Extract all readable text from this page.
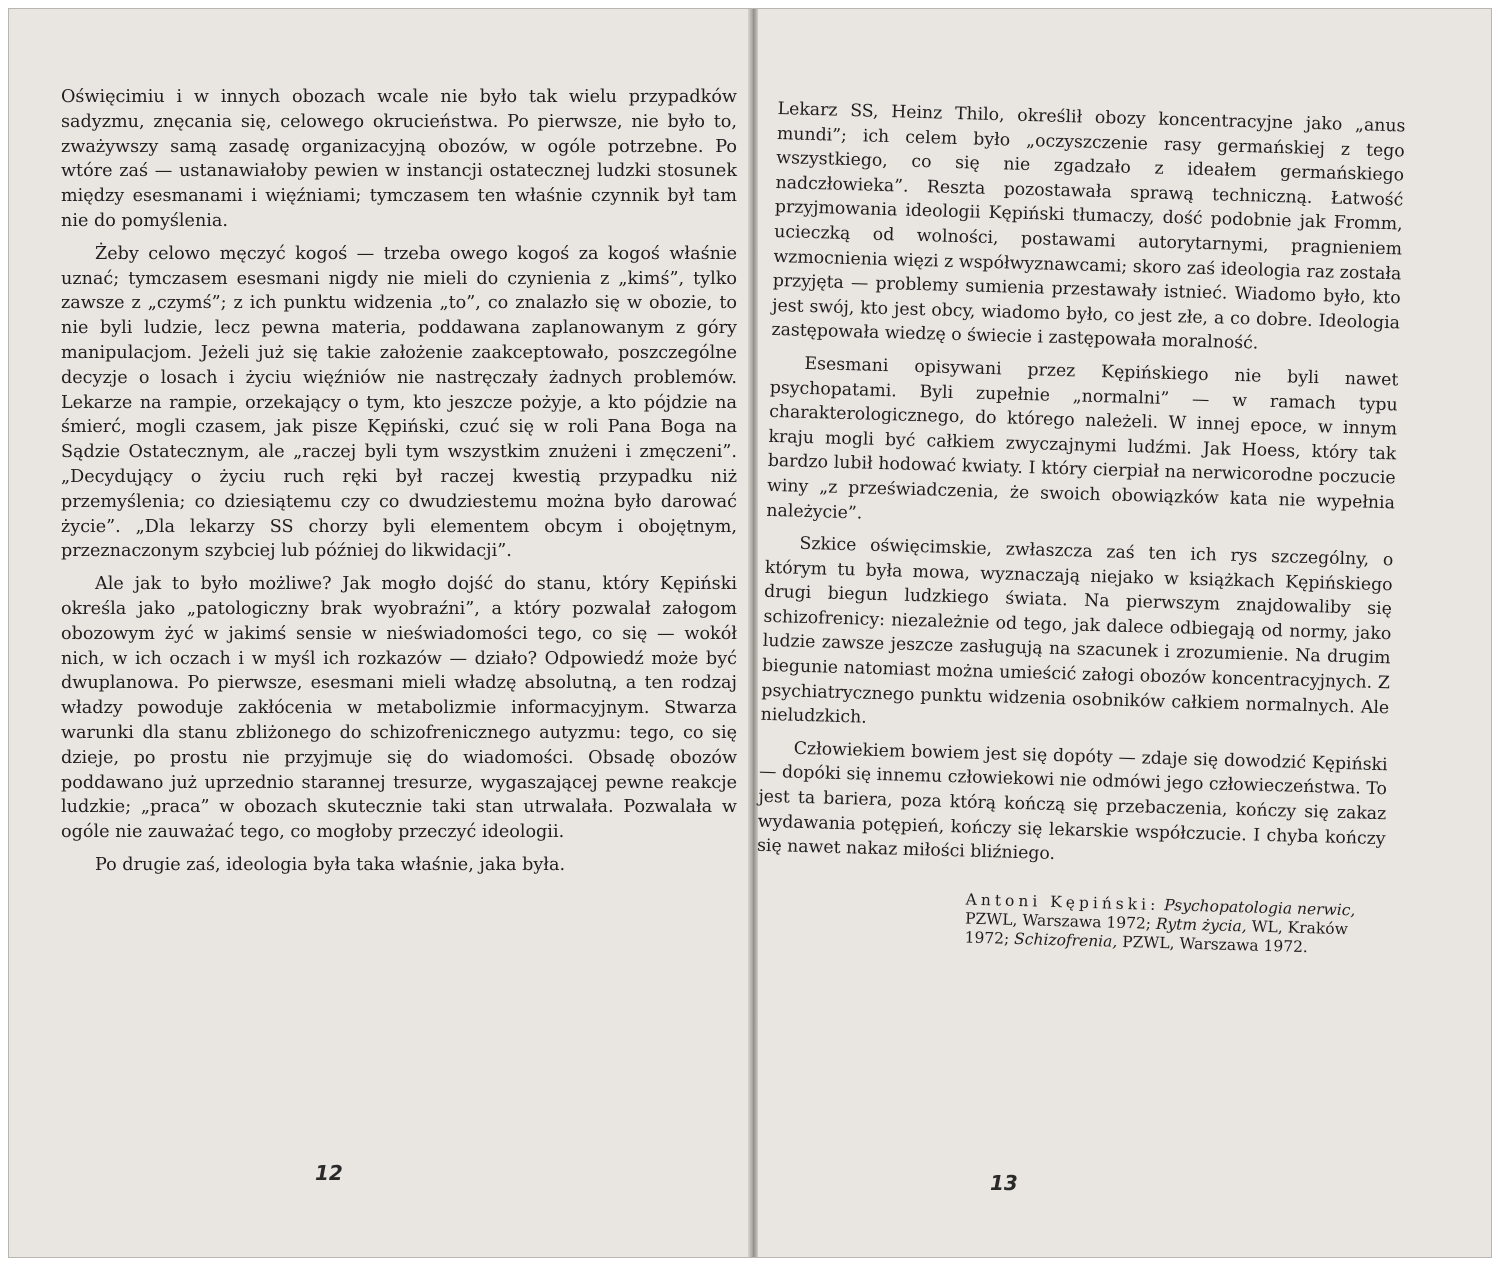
Oświęcimiu i w innych obozach wcale nie było tak wielu przypadków sadyzmu, znęcania się, celowego okrucieństwa. Po pierwsze, nie było to, zważywszy samą zasadę organizacyjną obozów, w ogóle potrzebne. Po wtóre zaś — ustanawiałoby pewien w instancji ostatecznej ludzki stosunek między esesmanami i więźniami; tymczasem ten właśnie czynnik był tam nie do pomyślenia.

Żeby celowo męczyć kogoś — trzeba owego kogoś za kogoś właśnie uznać; tymczasem esesmani nigdy nie mieli do czynienia z „kimś”, tylko zawsze z „czymś”; z ich punktu widzenia „to”, co znalazło się w obozie, to nie byli ludzie, lecz pewna materia, poddawana zaplanowanym z góry manipulacjom. Jeżeli już się takie założenie zaakceptowało, poszczególne decyzje o losach i życiu więźniów nie nastręczały żadnych problemów. Lekarze na rampie, orzekający o tym, kto jeszcze pożyje, a kto pójdzie na śmierć, mogli czasem, jak pisze Kępiński, czuć się w roli Pana Boga na Sądzie Ostatecznym, ale „raczej byli tym wszystkim znużeni i zmęczeni”. „Decydujący o życiu ruch ręki był raczej kwestią przypadku niż przemyślenia; co dziesiątemu czy co dwudziestemu można było darować życie”. „Dla lekarzy SS chorzy byli elementem obcym i obojętnym, przeznaczonym szybciej lub później do likwidacji”.

Ale jak to było możliwe? Jak mogło dojść do stanu, który Kępiński określa jako „patologiczny brak wyobraźni”, a który pozwalał załogom obozowym żyć w jakimś sensie w nieświadomości tego, co się — wokół nich, w ich oczach i w myśl ich rozkazów — działo? Odpowiedź może być dwuplanowa. Po pierwsze, esesmani mieli władzę absolutną, a ten rodzaj władzy powoduje zakłócenia w metabolizmie informacyjnym. Stwarza warunki dla stanu zbliżonego do schizofrenicznego autyzmu: tego, co się dzieje, po prostu nie przyjmuje się do wiadomości. Obsadę obozów poddawano już uprzednio starannej tresurze, wygaszającej pewne reakcje ludzkie; „praca” w obozach skutecznie taki stan utrwalała. Pozwalała w ogóle nie zauważać tego, co mogłoby przeczyć ideologii.

Po drugie zaś, ideologia była taka właśnie, jaka była.

12

Lekarz SS, Heinz Thilo, określił obozy koncentracyjne jako „anus mundi”; ich celem było „oczyszczenie rasy germańskiej z tego wszystkiego, co się nie zgadzało z ideałem germańskiego nadczłowieka”. Reszta pozostawała sprawą techniczną. Łatwość przyjmowania ideologii Kępiński tłumaczy, dość podobnie jak Fromm, ucieczką od wolności, postawami autorytarnymi, pragnieniem wzmocnienia więzi z współwyznawcami; skoro zaś ideologia raz została przyjęta — problemy sumienia przestawały istnieć. Wiadomo było, kto jest swój, kto jest obcy, wiadomo było, co jest złe, a co dobre. Ideologia zastępowała wiedzę o świecie i zastępowała moralność.

Esesmani opisywani przez Kępińskiego nie byli nawet psychopatami. Byli zupełnie „normalni” — w ramach typu charakterologicznego, do którego należeli. W innej epoce, w innym kraju mogli być całkiem zwyczajnymi ludźmi. Jak Hoess, który tak bardzo lubił hodować kwiaty. I który cierpiał na nerwicorodne poczucie winy „z przeświadczenia, że swoich obowiązków kata nie wypełnia należycie”.

Szkice oświęcimskie, zwłaszcza zaś ten ich rys szczególny, o którym tu była mowa, wyznaczają niejako w książkach Kępińskiego drugi biegun ludzkiego świata. Na pierwszym znajdowaliby się schizofrenicy: niezależnie od tego, jak dalece odbiegają od normy, jako ludzie zawsze jeszcze zasługują na szacunek i zrozumienie. Na drugim biegunie natomiast można umieścić załogi obozów koncentracyjnych. Z psychiatrycznego punktu widzenia osobników całkiem normalnych. Ale nieludzkich.

Człowiekiem bowiem jest się dopóty — zdaje się dowodzić Kępiński — dopóki się innemu człowiekowi nie odmówi jego człowieczeństwa. To jest ta bariera, poza którą kończą się przebaczenia, kończy się zakaz wydawania potępień, kończy się lekarskie współczucie. I chyba kończy się nawet nakaz miłości bliźniego.

Antoni Kępiński: Psychopatologia nerwic, PZWL, Warszawa 1972; Rytm życia, WL, Kraków 1972; Schizofrenia, PZWL, Warszawa 1972.
13
